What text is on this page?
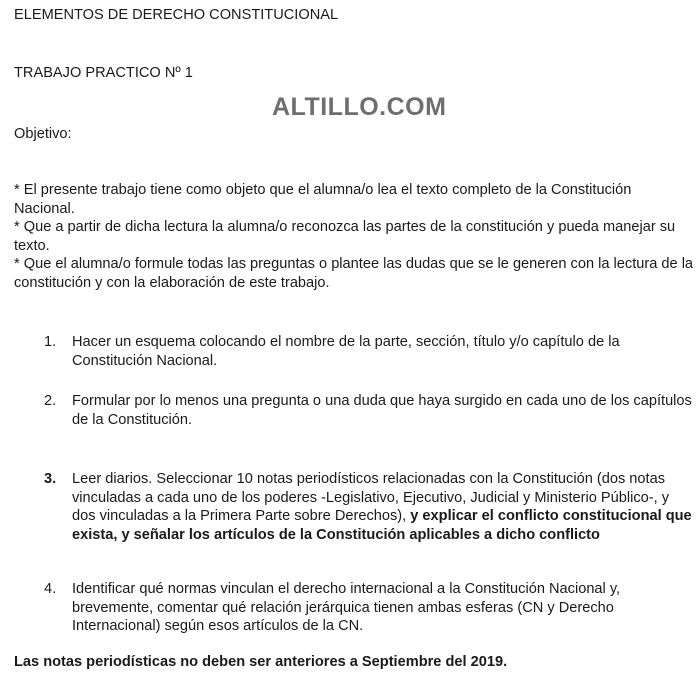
ELEMENTOS DE DERECHO CONSTITUCIONAL
TRABAJO PRACTICO Nº 1
ALTILLO.COM
Objetivo:

* El presente trabajo tiene como objeto que el alumna/o lea el texto completo de la Constitución Nacional.

* Que a partir de dicha lectura la alumna/o reconozca las partes de la constitución y pueda manejar su texto.

* Que el alumna/o formule todas las preguntas o plantee las dudas que se le generen con la lectura de la constitución y con la elaboración de este trabajo.

1. Hacer un esquema colocando el nombre de la parte, sección, título y/o capítulo de la Constitución Nacional.
2. Formular por lo menos una pregunta o una duda que haya surgido en cada uno de los capítulos de la Constitución.
3. Leer diarios. Seleccionar 10 notas periodísticos relacionadas con la Constitución (dos notas vinculadas a cada uno de los poderes -Legislativo, Ejecutivo, Judicial y Ministerio Público-, y dos vinculadas a la Primera Parte sobre Derechos), y explicar el conflicto constitucional que exista, y señalar los artículos de la Constitución aplicables a dicho conflicto
4. Identificar qué normas vinculan el derecho internacional a la Constitución Nacional y, brevemente, comentar qué relación jerárquica tienen ambas esferas (CN y Derecho Internacional) según esos artículos de la CN.
Las notas periodísticas no deben ser anteriores a Septiembre del 2019.
